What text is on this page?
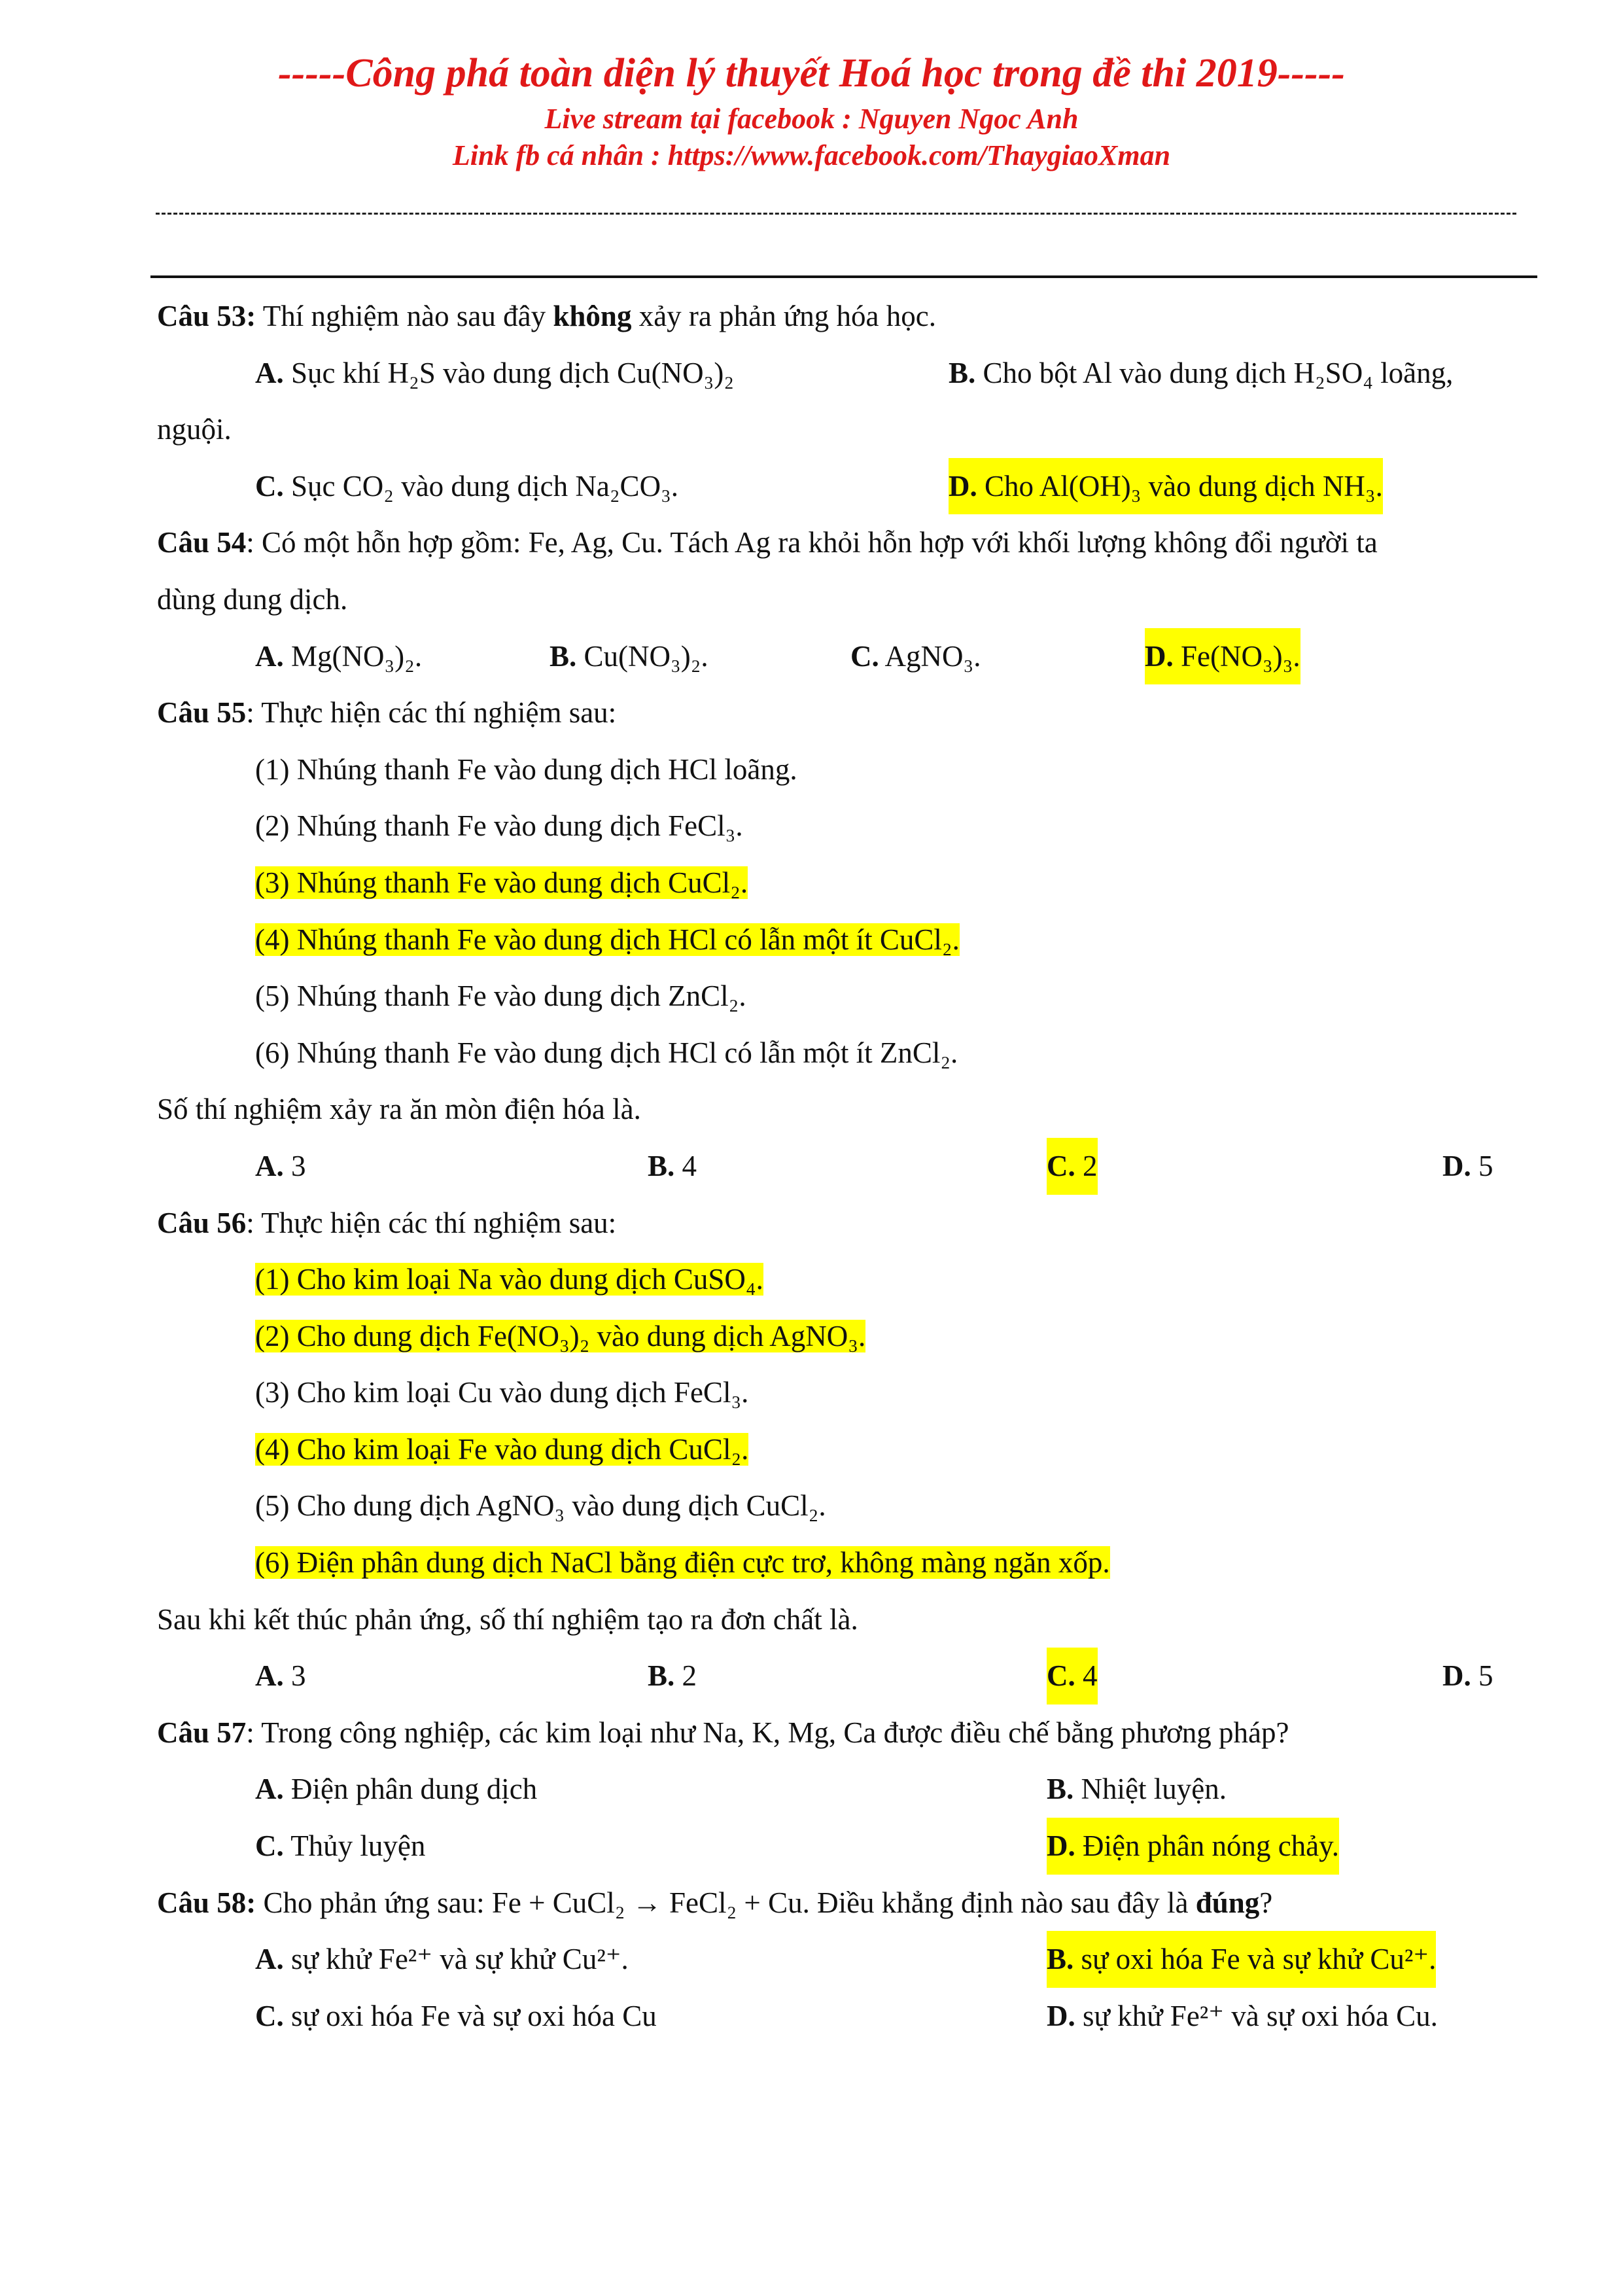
-----Công phá toàn diện lý thuyết Hoá học trong đề thi 2019-----
Live stream tại facebook : Nguyen Ngoc Anh
Link fb cá nhân : https://www.facebook.com/ThaygiaoXman
Câu 53: Thí nghiệm nào sau đây không xảy ra phản ứng hóa học.
A. Sục khí H₂S vào dung dịch Cu(NO₃)₂	B. Cho bột Al vào dung dịch H₂SO₄ loãng,
nguội.
C. Sục CO₂ vào dung dịch Na₂CO₃.	D. Cho Al(OH)₃ vào dung dịch NH₃.
Câu 54: Có một hỗn hợp gồm: Fe, Ag, Cu. Tách Ag ra khỏi hỗn hợp với khối lượng không đổi người ta
dùng dung dịch.
A. Mg(NO₃)₂.	B. Cu(NO₃)₂.	C. AgNO₃.	D. Fe(NO₃)₃.
Câu 55: Thực hiện các thí nghiệm sau:
(1) Nhúng thanh Fe vào dung dịch HCl loãng.
(2) Nhúng thanh Fe vào dung dịch FeCl₃.
(3) Nhúng thanh Fe vào dung dịch CuCl₂.
(4) Nhúng thanh Fe vào dung dịch HCl có lẫn một ít CuCl₂.
(5) Nhúng thanh Fe vào dung dịch ZnCl₂.
(6) Nhúng thanh Fe vào dung dịch HCl có lẫn một ít ZnCl₂.
Số thí nghiệm xảy ra ăn mòn điện hóa là.
A. 3	B. 4	C. 2	D. 5
Câu 56: Thực hiện các thí nghiệm sau:
(1) Cho kim loại Na vào dung dịch CuSO₄.
(2) Cho dung dịch Fe(NO₃)₂ vào dung dịch AgNO₃.
(3) Cho kim loại Cu vào dung dịch FeCl₃.
(4) Cho kim loại Fe vào dung dịch CuCl₂.
(5) Cho dung dịch AgNO₃ vào dung dịch CuCl₂.
(6) Điện phân dung dịch NaCl bằng điện cực trơ, không màng ngăn xốp.
Sau khi kết thúc phản ứng, số thí nghiệm tạo ra đơn chất là.
A. 3	B. 2	C. 4	D. 5
Câu 57: Trong công nghiệp, các kim loại như Na, K, Mg, Ca được điều chế bằng phương pháp?
A. Điện phân dung dịch	B. Nhiệt luyện.
C. Thủy luyện	D. Điện phân nóng chảy.
Câu 58: Cho phản ứng sau: Fe + CuCl₂ → FeCl₂ + Cu. Điều khẳng định nào sau đây là đúng?
A. sự khử Fe²⁺ và sự khử Cu²⁺.	B. sự oxi hóa Fe và sự khử Cu²⁺.
C. sự oxi hóa Fe và sự oxi hóa Cu	D. sự khử Fe²⁺ và sự oxi hóa Cu.
